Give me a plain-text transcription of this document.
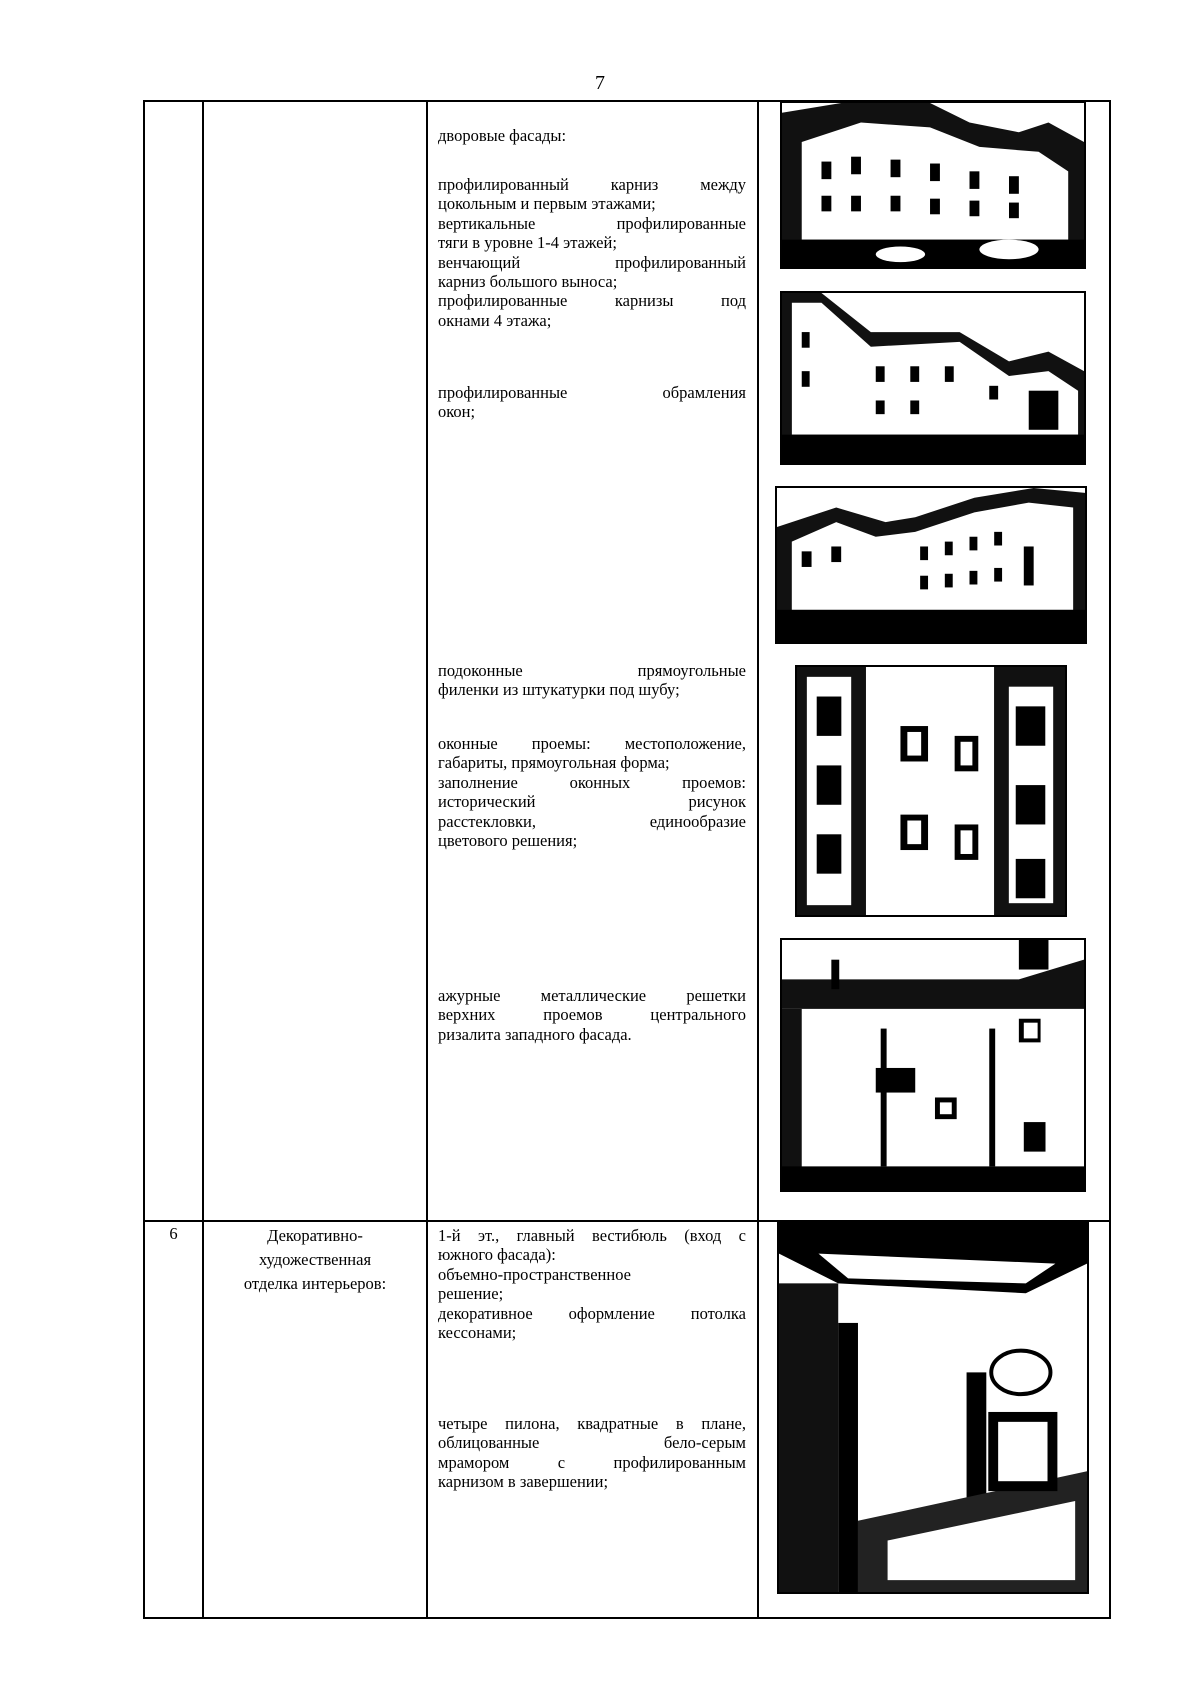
7
дворовые фасады:
профилированный карниз между
цокольным и первым этажами;
вертикальные профилированные
тяги в уровне 1-4 этажей;
венчающий профилированный
карниз большого выноса;
профилированные карнизы под
окнами 4 этажа;
профилированные обрамления
окон;
подоконные прямоугольные
филенки из штукатурки под шубу;
оконные проемы: местоположение,
габариты, прямоугольная форма;
заполнение оконных проемов:
исторический рисунок
расстекловки, единообразие
цветового решения;
ажурные металлические решетки
верхних проемов центрального
ризалита западного фасада.
6	Декоративно-
художественная
отделка интерьеров:
1-й эт., главный вестибюль (вход с
южного фасада):
объемно-пространственное
решение;
декоративное оформление потолка
кессонами;
четыре пилона, квадратные в плане,
облицованные бело-серым
мрамором с профилированным
карнизом в завершении;
